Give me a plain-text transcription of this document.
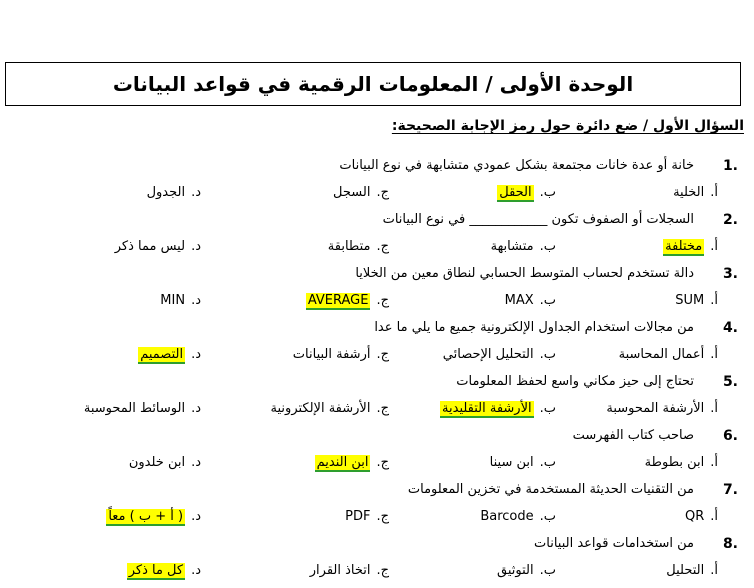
الوحدة الأولى / المعلومات الرقمية في قواعد البيانات
السؤال الأول / ضع دائرة حول رمز الإجابة الصحيحة:
1.
خانة أو عدة خانات مجتمعة بشكل عمودي متشابهة في نوع البيانات
أ.الخلية
ب.الحقل
ج.السجل
د.الجدول
2.
السجلات أو الصفوف تكون ____________ في نوع البيانات
أ.مختلفة
ب.متشابهة
ج.متطابقة
د.ليس مما ذكر
3.
دالة تستخدم لحساب المتوسط الحسابي لنطاق معين من الخلايا
أ.SUM
ب.MAX
ج.AVERAGE
د.MIN
4.
من مجالات استخدام الجداول الإلكترونية جميع ما يلي ما عدا
أ.أعمال المحاسبة
ب.التحليل الإحصائي
ج.أرشفة البيانات
د.التصميم
5.
تحتاج إلى حيز مكاني واسع لحفظ المعلومات
أ.الأرشفة المحوسبة
ب.الأرشفة التقليدية
ج.الأرشفة الإلكترونية
د.الوسائط المحوسبة
6.
صاحب كتاب الفهرست
أ.ابن بطوطة
ب.ابن سينا
ج.ابن النديم
د.ابن خلدون
7.
من التقنيات الحديثة المستخدمة في تخزين المعلومات
أ.QR
ب.Barcode
ج.PDF
د.( أ + ب ) معاً
8.
من استخدامات قواعد البيانات
أ.التحليل
ب.التوثيق
ج.اتخاذ القرار
د.كل ما ذكر
